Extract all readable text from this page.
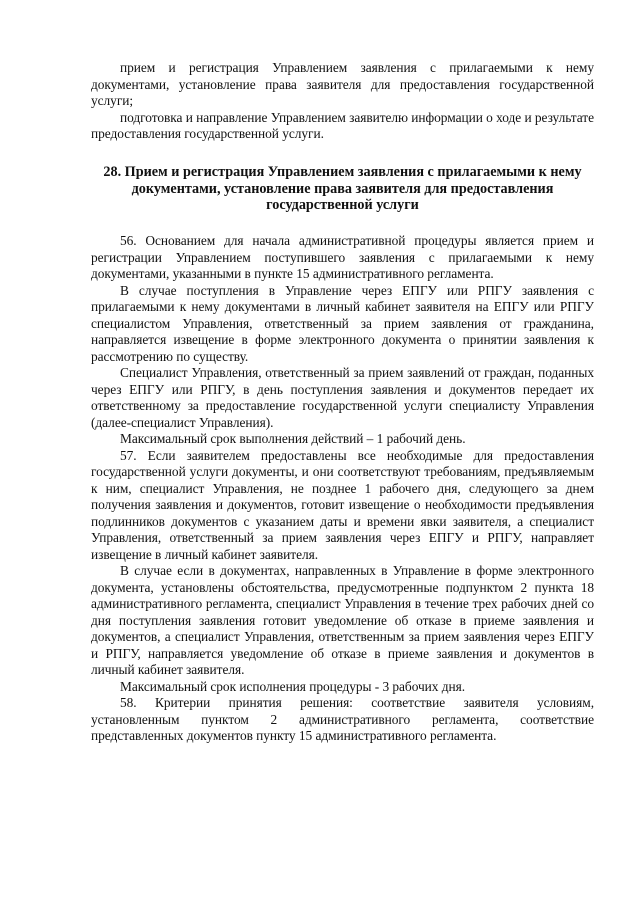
прием и регистрация Управлением заявления с прилагаемыми к нему документами, установление права заявителя для предоставления государственной услуги;

подготовка и направление Управлением заявителю информации о ходе и результате предоставления государственной услуги.

28. Прием и регистрация Управлением заявления с прилагаемыми к нему документами, установление права заявителя для предоставления государственной услуги

56. Основанием для начала административной процедуры является прием и регистрации Управлением поступившего заявления с прилагаемыми к нему документами, указанными в пункте 15 административного регламента.

В случае поступления в Управление через ЕПГУ или РПГУ заявления с прилагаемыми к нему документами в личный кабинет заявителя на ЕПГУ или РПГУ специалистом Управления, ответственный за прием заявления от гражданина, направляется извещение в форме электронного документа о принятии заявления к рассмотрению по существу.

Специалист Управления, ответственный за прием заявлений от граждан, поданных через ЕПГУ или РПГУ, в день поступления заявления и документов передает их ответственному за предоставление государственной услуги специалисту Управления (далее-специалист Управления).

Максимальный срок выполнения действий – 1 рабочий день.

57. Если заявителем предоставлены все необходимые для предоставления государственной услуги документы, и они соответствуют требованиям, предъявляемым к ним, специалист Управления, не позднее 1 рабочего дня, следующего за днем получения заявления и документов, готовит извещение о необходимости предъявления подлинников документов с указанием даты и времени явки заявителя, а специалист Управления, ответственный за прием заявления через ЕПГУ и РПГУ, направляет извещение в личный кабинет заявителя.

В случае если в документах, направленных в Управление в форме электронного документа, установлены обстоятельства, предусмотренные подпунктом 2 пункта 18 административного регламента, специалист Управления в течение трех рабочих дней со дня поступления заявления готовит уведомление об отказе в приеме заявления и документов, а специалист Управления, ответственным за прием заявления через ЕПГУ и РПГУ, направляется уведомление об отказе в приеме заявления и документов в личный кабинет заявителя.

Максимальный срок исполнения процедуры - 3 рабочих дня.

58. Критерии принятия решения: соответствие заявителя условиям, установленным пунктом 2 административного регламента, соответствие представленных документов пункту 15 административного регламента.
